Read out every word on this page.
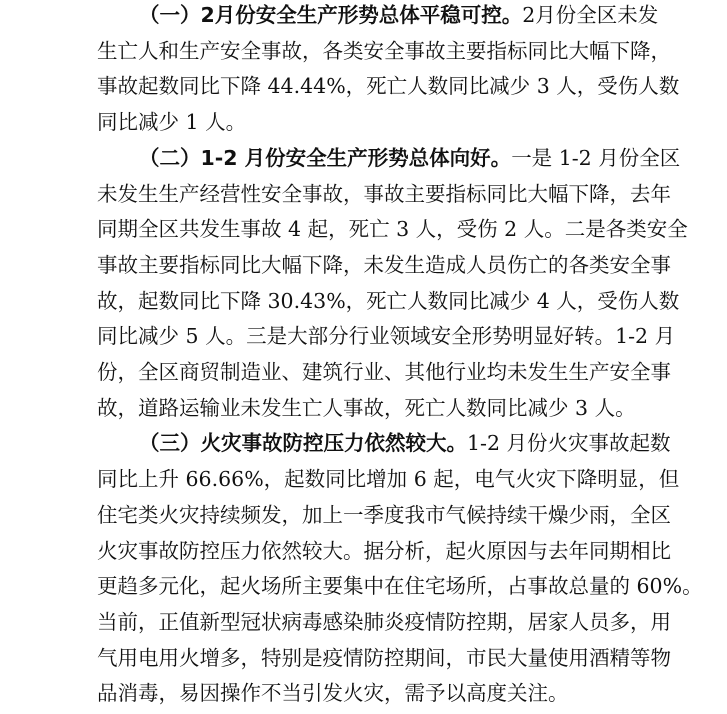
（一）2月份安全生产形势总体平稳可控。2月份全区未发
生亡人和生产安全事故，各类安全事故主要指标同比大幅下降，
事故起数同比下降 44.44%，死亡人数同比减少 3 人，受伤人数
同比减少 1 人。
（二）1-2 月份安全生产形势总体向好。一是 1-2 月份全区
未发生生产经营性安全事故，事故主要指标同比大幅下降，去年
同期全区共发生事故 4 起，死亡 3 人，受伤 2 人。二是各类安全
事故主要指标同比大幅下降，未发生造成人员伤亡的各类安全事
故，起数同比下降 30.43%，死亡人数同比减少 4 人，受伤人数
同比减少 5 人。三是大部分行业领域安全形势明显好转。1-2 月
份，全区商贸制造业、建筑行业、其他行业均未发生生产安全事
故，道路运输业未发生亡人事故，死亡人数同比减少 3 人。
（三）火灾事故防控压力依然较大。1-2 月份火灾事故起数
同比上升 66.66%，起数同比增加 6 起，电气火灾下降明显，但
住宅类火灾持续频发，加上一季度我市气候持续干燥少雨，全区
火灾事故防控压力依然较大。据分析，起火原因与去年同期相比
更趋多元化，起火场所主要集中在住宅场所，占事故总量的 60%。
当前，正值新型冠状病毒感染肺炎疫情防控期，居家人员多，用
气用电用火增多，特别是疫情防控期间，市民大量使用酒精等物
品消毒，易因操作不当引发火灾，需予以高度关注。
